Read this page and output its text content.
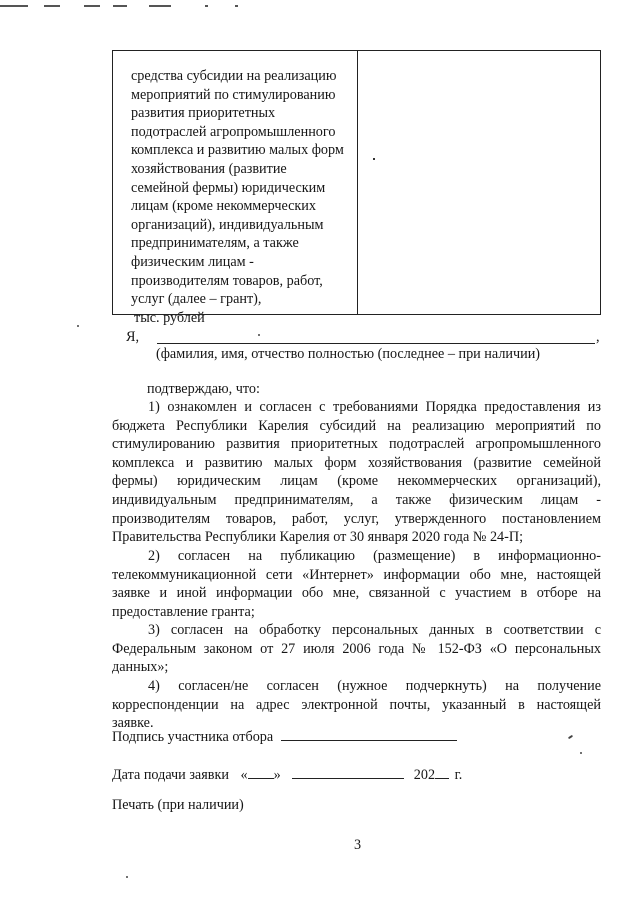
средства субсидии на реализацию

мероприятий по стимулированию

развития приоритетных

подотраслей агропромышленного

комплекса и развитию малых форм

хозяйствования (развитие

семейной фермы) юридическим

лицам (кроме некоммерческих

организаций), индивидуальным

предпринимателям, а также

физическим лицам -

производителям товаров, работ,

услуг (далее – грант),

тыс. рублей

Я,	,
(фамилия, имя, отчество полностью (последнее – при наличии)
подтверждаю, что:
1) ознакомлен и согласен с требованиями Порядка предоставления из
бюджета Республики Карелия субсидий на реализацию мероприятий по
стимулированию развития приоритетных подотраслей агропромышленного
комплекса и развитию малых форм хозяйствования (развитие семейной
фермы) юридическим лицам (кроме некоммерческих организаций),
индивидуальным предпринимателям, а также физическим лицам -
производителям товаров, работ, услуг, утвержденного постановлением
Правительства Республики Карелия от 30 января 2020 года № 24-П;
2) согласен на публикацию (размещение) в информационно-
телекоммуникационной сети «Интернет» информации обо мне, настоящей
заявке и иной информации обо мне, связанной с участием в отборе на
предоставление гранта;
3) согласен на обработку персональных данных в соответствии с
Федеральным законом от 27 июля 2006 года № 152-ФЗ «О персональных
данных»;
4) согласен/не согласен (нужное подчеркнуть) на получение
корреспонденции на адрес электронной почты, указанный в настоящей
заявке.
Подпись участника отбора
Дата подачи заявки « »	202 г.
Печать (при наличии)
3
